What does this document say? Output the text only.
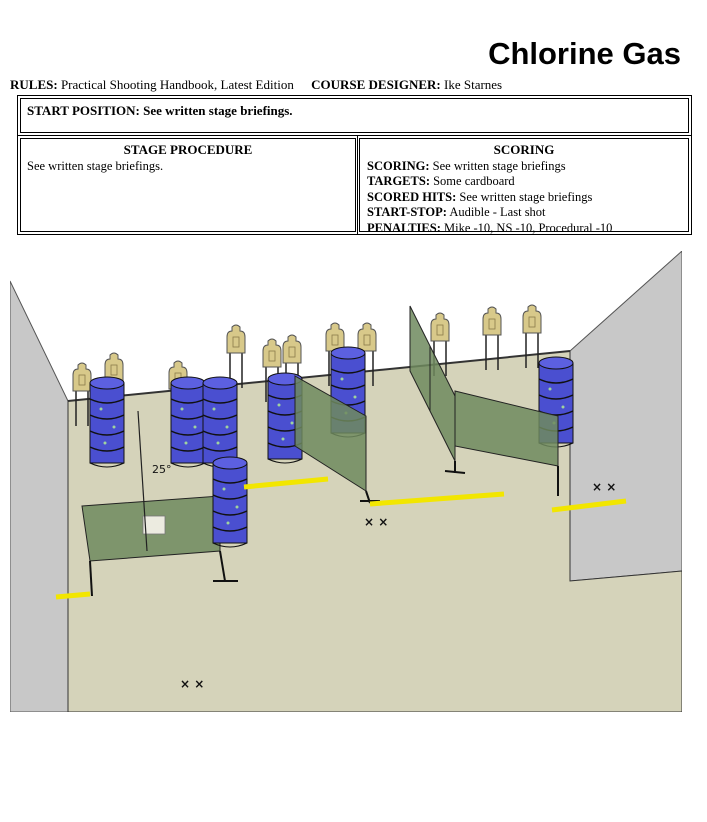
Chlorine Gas
RULES: Practical Shooting Handbook, Latest Edition COURSE DESIGNER: Ike Starnes
START POSITION: See written stage briefings.
STAGE PROCEDURE
See written stage briefings.
SCORING
SCORING: See written stage briefings
TARGETS: Some cardboard
SCORED HITS: See written stage briefings
START-STOP: Audible - Last shot
PENALTIES: Mike -10, NS -10, Procedural -10
× ×
× ×
× ×
25°
